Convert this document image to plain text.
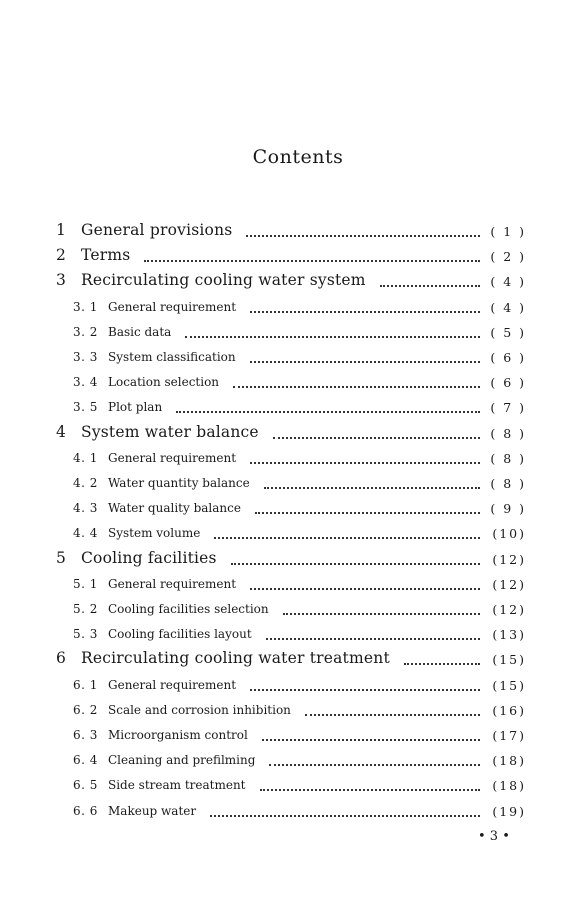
Contents
1 General provisions	( 1 )
2 Terms	( 2 )
3 Recirculating cooling water system	( 4 )
3. 1 General requirement	( 4 )
3. 2 Basic data	( 5 )
3. 3 System classification	( 6 )
3. 4 Location selection	( 6 )
3. 5 Plot plan	( 7 )
4 System water balance	( 8 )
4. 1 General requirement	( 8 )
4. 2 Water quantity balance	( 8 )
4. 3 Water quality balance	( 9 )
4. 4 System volume	(10)
5 Cooling facilities	(12)
5. 1 General requirement	(12)
5. 2 Cooling facilities selection	(12)
5. 3 Cooling facilities layout	(13)
6 Recirculating cooling water treatment	(15)
6. 1 General requirement	(15)
6. 2 Scale and corrosion inhibition	(16)
6. 3 Microorganism control	(17)
6. 4 Cleaning and prefilming	(18)
6. 5 Side stream treatment	(18)
6. 6 Makeup water	(19)
• 3 •
